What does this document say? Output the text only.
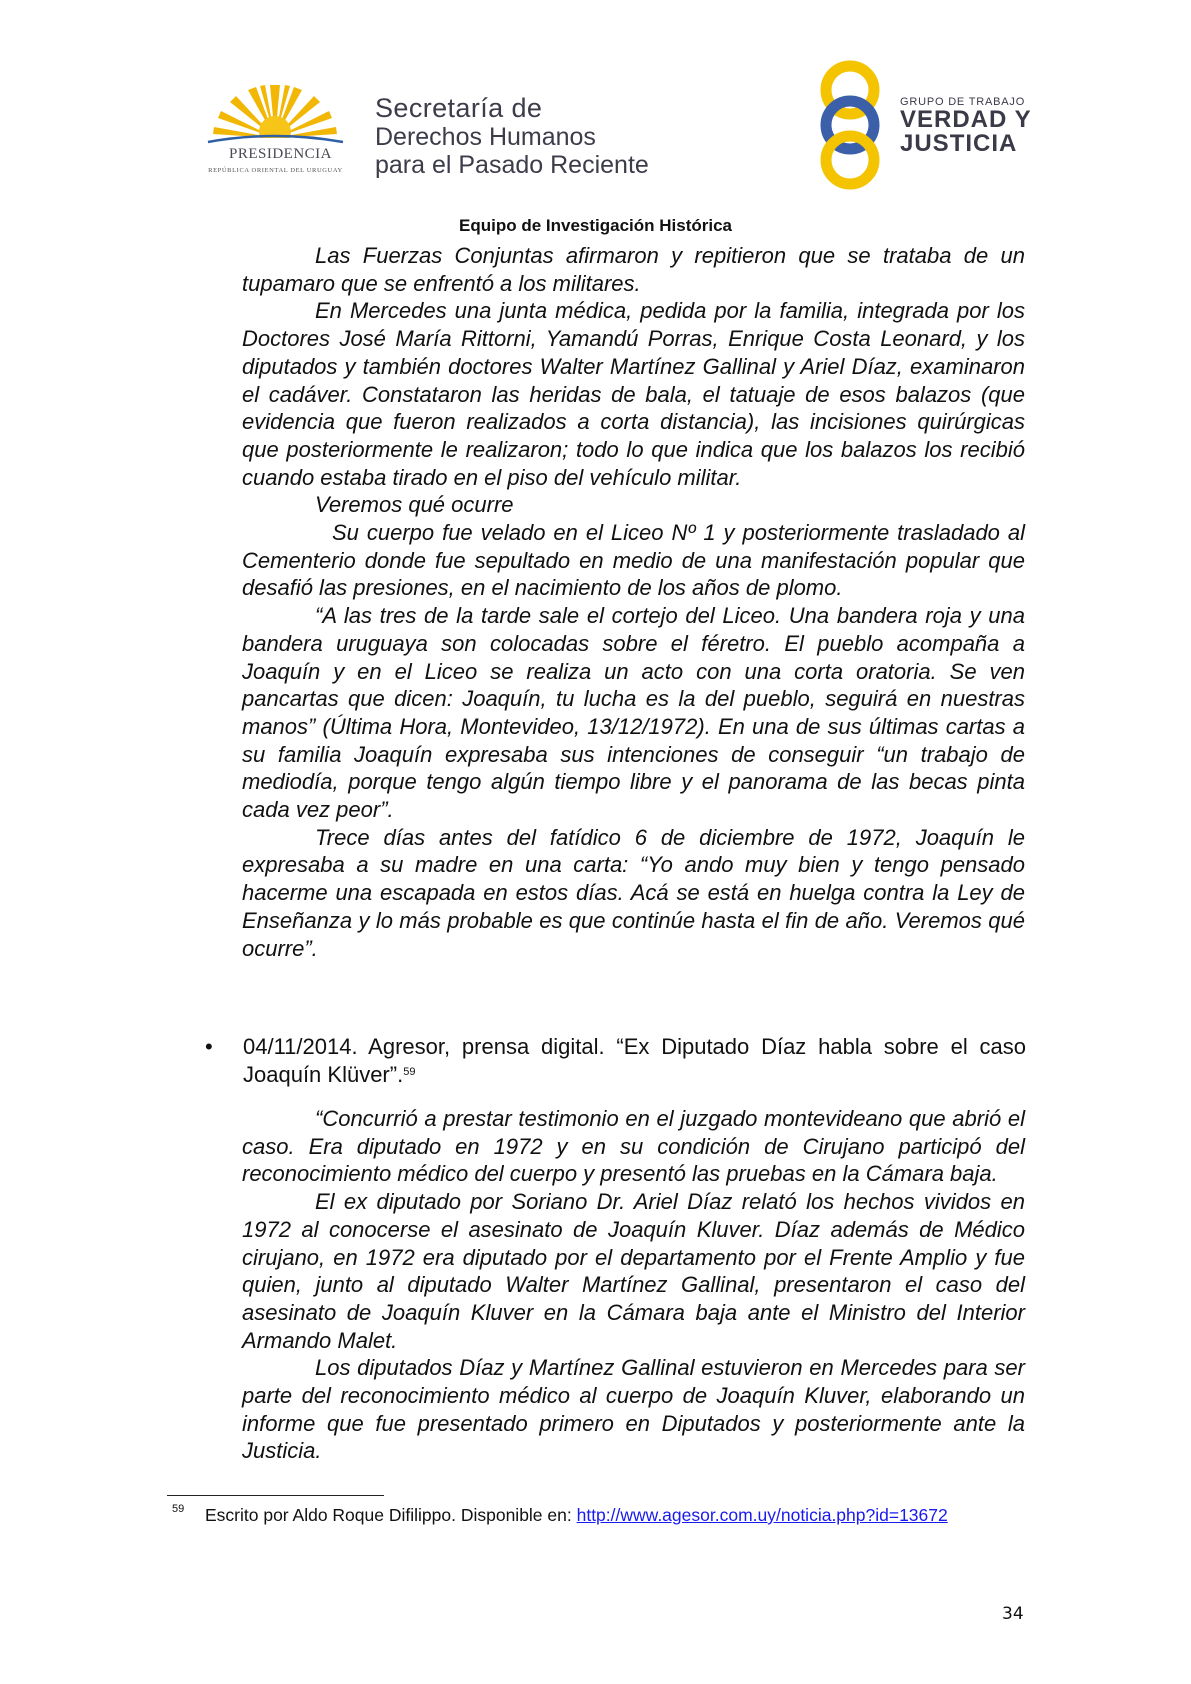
PRESIDENCIA
REPÚBLICA ORIENTAL DEL URUGUAY
Secretaría de
Derechos Humanos
para el Pasado Reciente
GRUPO DE TRABAJO
VERDAD Y
JUSTICIA
Equipo de Investigación Histórica

Las Fuerzas Conjuntas afirmaron y repitieron que se trataba de un tupamaro que se enfrentó a los militares.

En Mercedes una junta médica, pedida por la familia, integrada por los Doctores José María Rittorni, Yamandú Porras, Enrique Costa Leonard, y los diputados y también doctores Walter Martínez Gallinal y Ariel Díaz, examinaron el cadáver. Constataron las heridas de bala, el tatuaje de esos balazos (que evidencia que fueron realizados a corta distancia), las incisiones quirúrgicas que posteriormente le realizaron; todo lo que indica que los balazos los recibió cuando estaba tirado en el piso del vehículo militar.

Veremos qué ocurre

Su cuerpo fue velado en el Liceo Nº 1 y posteriormente trasladado al Cementerio donde fue sepultado en medio de una manifestación popular que desafió las presiones, en el nacimiento de los años de plomo.

“A las tres de la tarde sale el cortejo del Liceo. Una bandera roja y una bandera uruguaya son colocadas sobre el féretro. El pueblo acompaña a Joaquín y en el Liceo se realiza un acto con una corta oratoria. Se ven pancartas que dicen: Joaquín, tu lucha es la del pueblo, seguirá en nuestras manos” (Última Hora, Montevideo, 13/12/1972). En una de sus últimas cartas a su familia Joaquín expresaba sus intenciones de conseguir “un trabajo de mediodía, porque tengo algún tiempo libre y el panorama de las becas pinta cada vez peor”.

Trece días antes del fatídico 6 de diciembre de 1972, Joaquín le expresaba a su madre en una carta: “Yo ando muy bien y tengo pensado hacerme una escapada en estos días. Acá se está en huelga contra la Ley de Enseñanza y lo más probable es que continúe hasta el fin de año. Veremos qué ocurre”.

• 04/11/2014. Agresor, prensa digital. “Ex Diputado Díaz habla sobre el caso Joaquín Klüver”.$^{59}$

“Concurrió a prestar testimonio en el juzgado montevideano que abrió el caso. Era diputado en 1972 y en su condición de Cirujano participó del reconocimiento médico del cuerpo y presentó las pruebas en la Cámara baja.

El ex diputado por Soriano Dr. Ariel Díaz relató los hechos vividos en 1972 al conocerse el asesinato de Joaquín Kluver. Díaz además de Médico cirujano, en 1972 era diputado por el departamento por el Frente Amplio y fue quien, junto al diputado Walter Martínez Gallinal, presentaron el caso del asesinato de Joaquín Kluver en la Cámara baja ante el Ministro del Interior Armando Malet.

Los diputados Díaz y Martínez Gallinal estuvieron en Mercedes para ser parte del reconocimiento médico al cuerpo de Joaquín Kluver, elaborando un informe que fue presentado primero en Diputados y posteriormente ante la Justicia.

59 Escrito por Aldo Roque Difilippo. Disponible en: http://www.agesor.com.uy/noticia.php?id=13672
34
